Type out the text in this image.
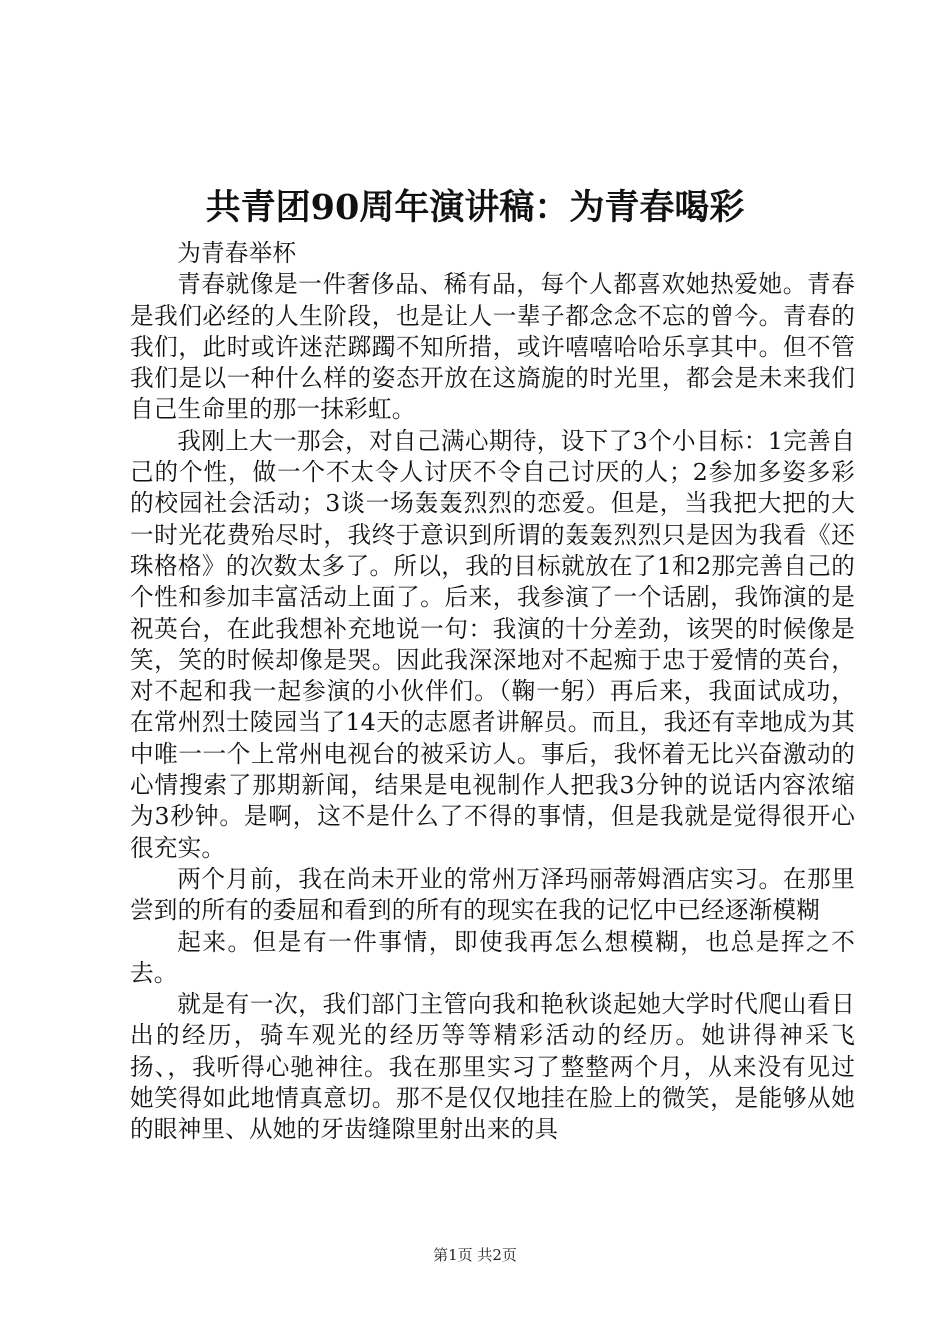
共青团90周年演讲稿：为青春喝彩

为青春举杯

青春就像是一件奢侈品、稀有品，每个人都喜欢她热爱她。青春是我们必经的人生阶段，也是让人一辈子都念念不忘的曾今。青春的我们，此时或许迷茫踯躅不知所措，或许嘻嘻哈哈乐享其中。但不管我们是以一种什么样的姿态开放在这旖旎的时光里，都会是未来我们自己生命里的那一抹彩虹。

我刚上大一那会，对自己满心期待，设下了3个小目标：1完善自己的个性，做一个不太令人讨厌不令自己讨厌的人；2参加多姿多彩的校园社会活动；3谈一场轰轰烈烈的恋爱。但是，当我把大把的大一时光花费殆尽时，我终于意识到所谓的轰轰烈烈只是因为我看《还珠格格》的次数太多了。所以，我的目标就放在了1和2那完善自己的个性和参加丰富活动上面了。后来，我参演了一个话剧，我饰演的是祝英台，在此我想补充地说一句：我演的十分差劲，该哭的时候像是笑，笑的时候却像是哭。因此我深深地对不起痴于忠于爱情的英台，对不起和我一起参演的小伙伴们。（鞠一躬）再后来，我面试成功，在常州烈士陵园当了14天的志愿者讲解员。而且，我还有幸地成为其中唯一一个上常州电视台的被采访人。事后，我怀着无比兴奋激动的心情搜索了那期新闻，结果是电视制作人把我3分钟的说话内容浓缩为3秒钟。是啊，这不是什么了不得的事情，但是我就是觉得很开心很充实。

两个月前，我在尚未开业的常州万泽玛丽蒂姆酒店实习。在那里尝到的所有的委屈和看到的所有的现实在我的记忆中已经逐渐模糊

起来。但是有一件事情，即使我再怎么想模糊，也总是挥之不去。

就是有一次，我们部门主管向我和艳秋谈起她大学时代爬山看日出的经历，骑车观光的经历等等精彩活动的经历。她讲得神采飞扬、，我听得心驰神往。我在那里实习了整整两个月，从来没有见过她笑得如此地情真意切。那不是仅仅地挂在脸上的微笑，是能够从她的眼神里、从她的牙齿缝隙里射出来的具

第1页 共2页
